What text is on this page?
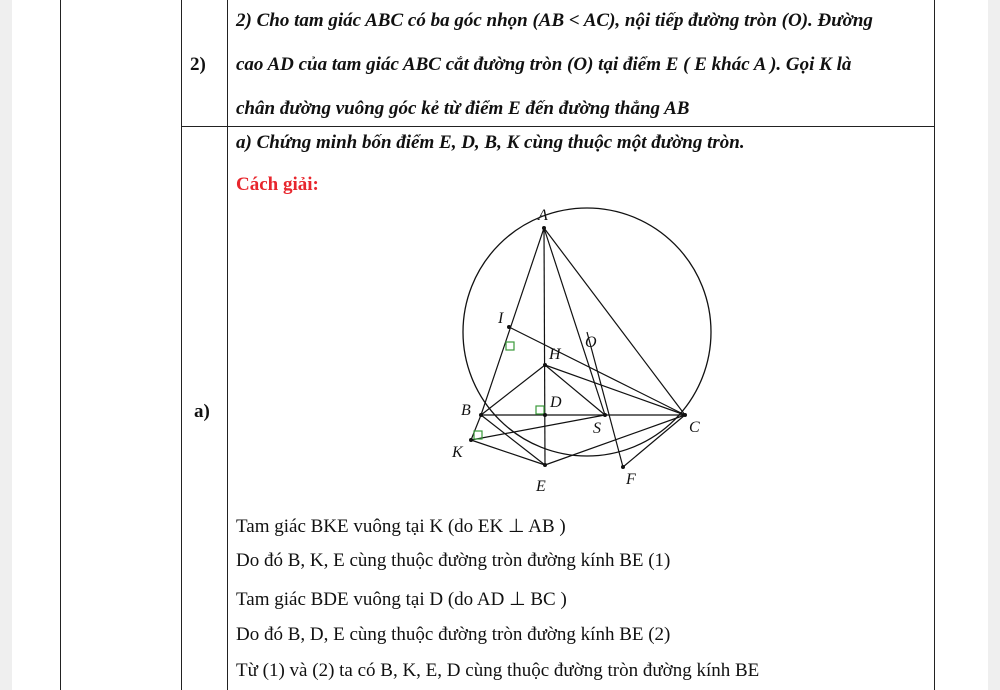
2)
2) Cho tam giác ABC có ba góc nhọn (AB < AC), nội tiếp đường tròn (O). Đường
cao AD của tam giác ABC cắt đường tròn (O) tại điểm E ( E khác A ). Gọi K là
chân đường vuông góc kẻ từ điểm E đến đường thẳng AB
a)
a) Chứng minh bốn điểm E, D, B, K cùng thuộc một đường tròn.
Cách giải:
A
I
O
H
B	D
S	C
K
E	F
Tam giác BKE vuông tại K (do EK ⊥ AB )
Do đó B, K, E cùng thuộc đường tròn đường kính BE (1)
Tam giác BDE vuông tại D (do AD ⊥ BC )
Do đó B, D, E cùng thuộc đường tròn đường kính BE (2)
Từ (1) và (2) ta có B, K, E, D cùng thuộc đường tròn đường kính BE
